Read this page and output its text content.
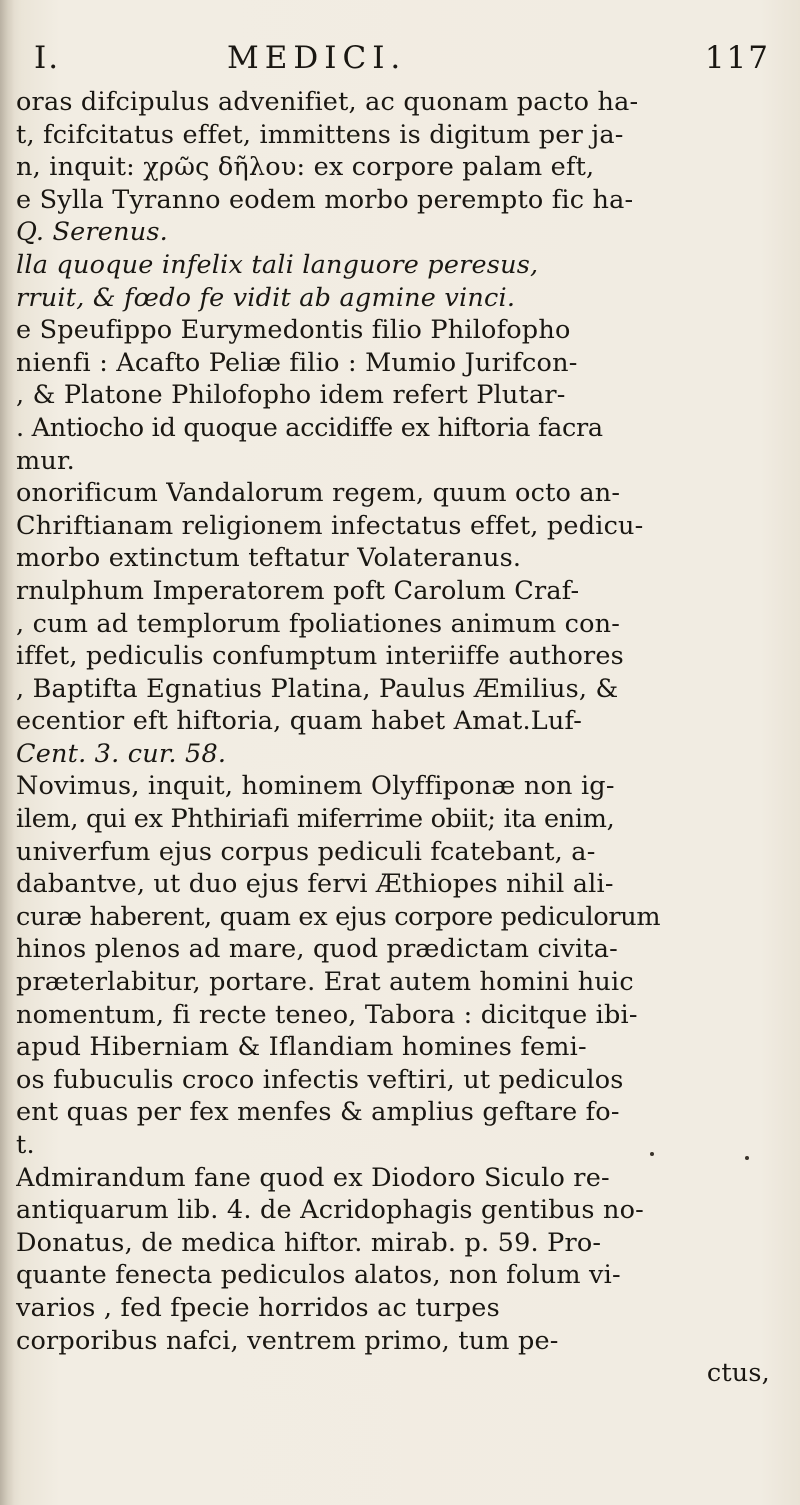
I.	MEDICI.	117
oras difcipulus advenifiet, ac quonam pacto ha-
t, fcifcitatus effet, immittens is digitum per ja-
n, inquit: χρῶς δῆλου: ex corpore palam eft,
e Sylla Tyranno eodem morbo perempto fic ha-
Q. Serenus.
lla quoque infelix tali languore peresus,
rruit, & fœdo fe vidit ab agmine vinci.
e Speufippo Eurymedontis filio Philofopho
nienfi : Acafto Peliæ filio : Mumio Jurifcon-
, & Platone Philofopho idem refert Plutar-
. Antiocho id quoque accidiffe ex hiftoria facra
mur.
onorificum Vandalorum regem, quum octo an-
Chriftianam religionem infectatus effet, pedicu-
morbo extinctum teftatur Volateranus.
rnulphum Imperatorem poft Carolum Craf-
, cum ad templorum fpoliationes animum con-
iffet, pediculis confumptum interiiffe authores
, Baptifta Egnatius Platina, Paulus Æmilius, &
ecentior eft hiftoria, quam habet Amat.Luf-
Cent. 3. cur. 58.
Novimus, inquit, hominem Olyffiponæ non ig-
ilem, qui ex Phthiriafi miferrime obiit; ita enim,
univerfum ejus corpus pediculi fcatebant, a-
dabantve, ut duo ejus fervi Æthiopes nihil ali-
curæ haberent, quam ex ejus corpore pediculorum
hinos plenos ad mare, quod prædictam civita-
præterlabitur, portare. Erat autem homini huic
nomentum, fi recte teneo, Tabora : dicitque ibi-
apud Hiberniam & Iflandiam homines femi-
os fubuculis croco infectis veftiri, ut pediculos
ent quas per fex menfes & amplius geftare fo-
t.
Admirandum fane quod ex Diodoro Siculo re-
antiquarum lib. 4. de Acridophagis gentibus no-
Donatus, de medica hiftor. mirab. p. 59. Pro-
quante fenecta pediculos alatos, non folum vi-
varios , fed fpecie horridos ac turpes
corporibus nafci, ventrem primo, tum pe-
ctus,
